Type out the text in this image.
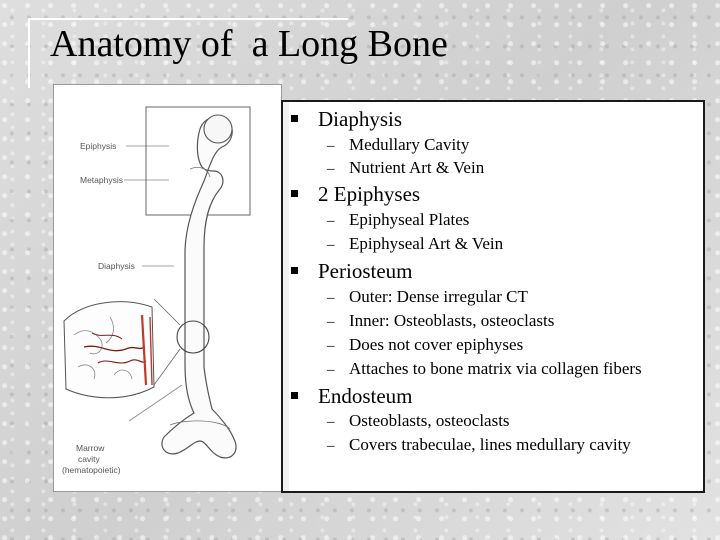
Anatomy of  a Long Bone
Epiphysis
Metaphysis
Diaphysis
Marrow
cavity
(hematopoietic)
Diaphysis
– Medullary Cavity
– Nutrient Art & Vein
2 Epiphyses
– Epiphyseal Plates
– Epiphyseal Art & Vein
Periosteum
– Outer: Dense irregular CT
– Inner: Osteoblasts, osteoclasts
– Does not cover epiphyses
– Attaches to bone matrix via collagen fibers
Endosteum
– Osteoblasts, osteoclasts
– Covers trabeculae, lines medullary cavity
